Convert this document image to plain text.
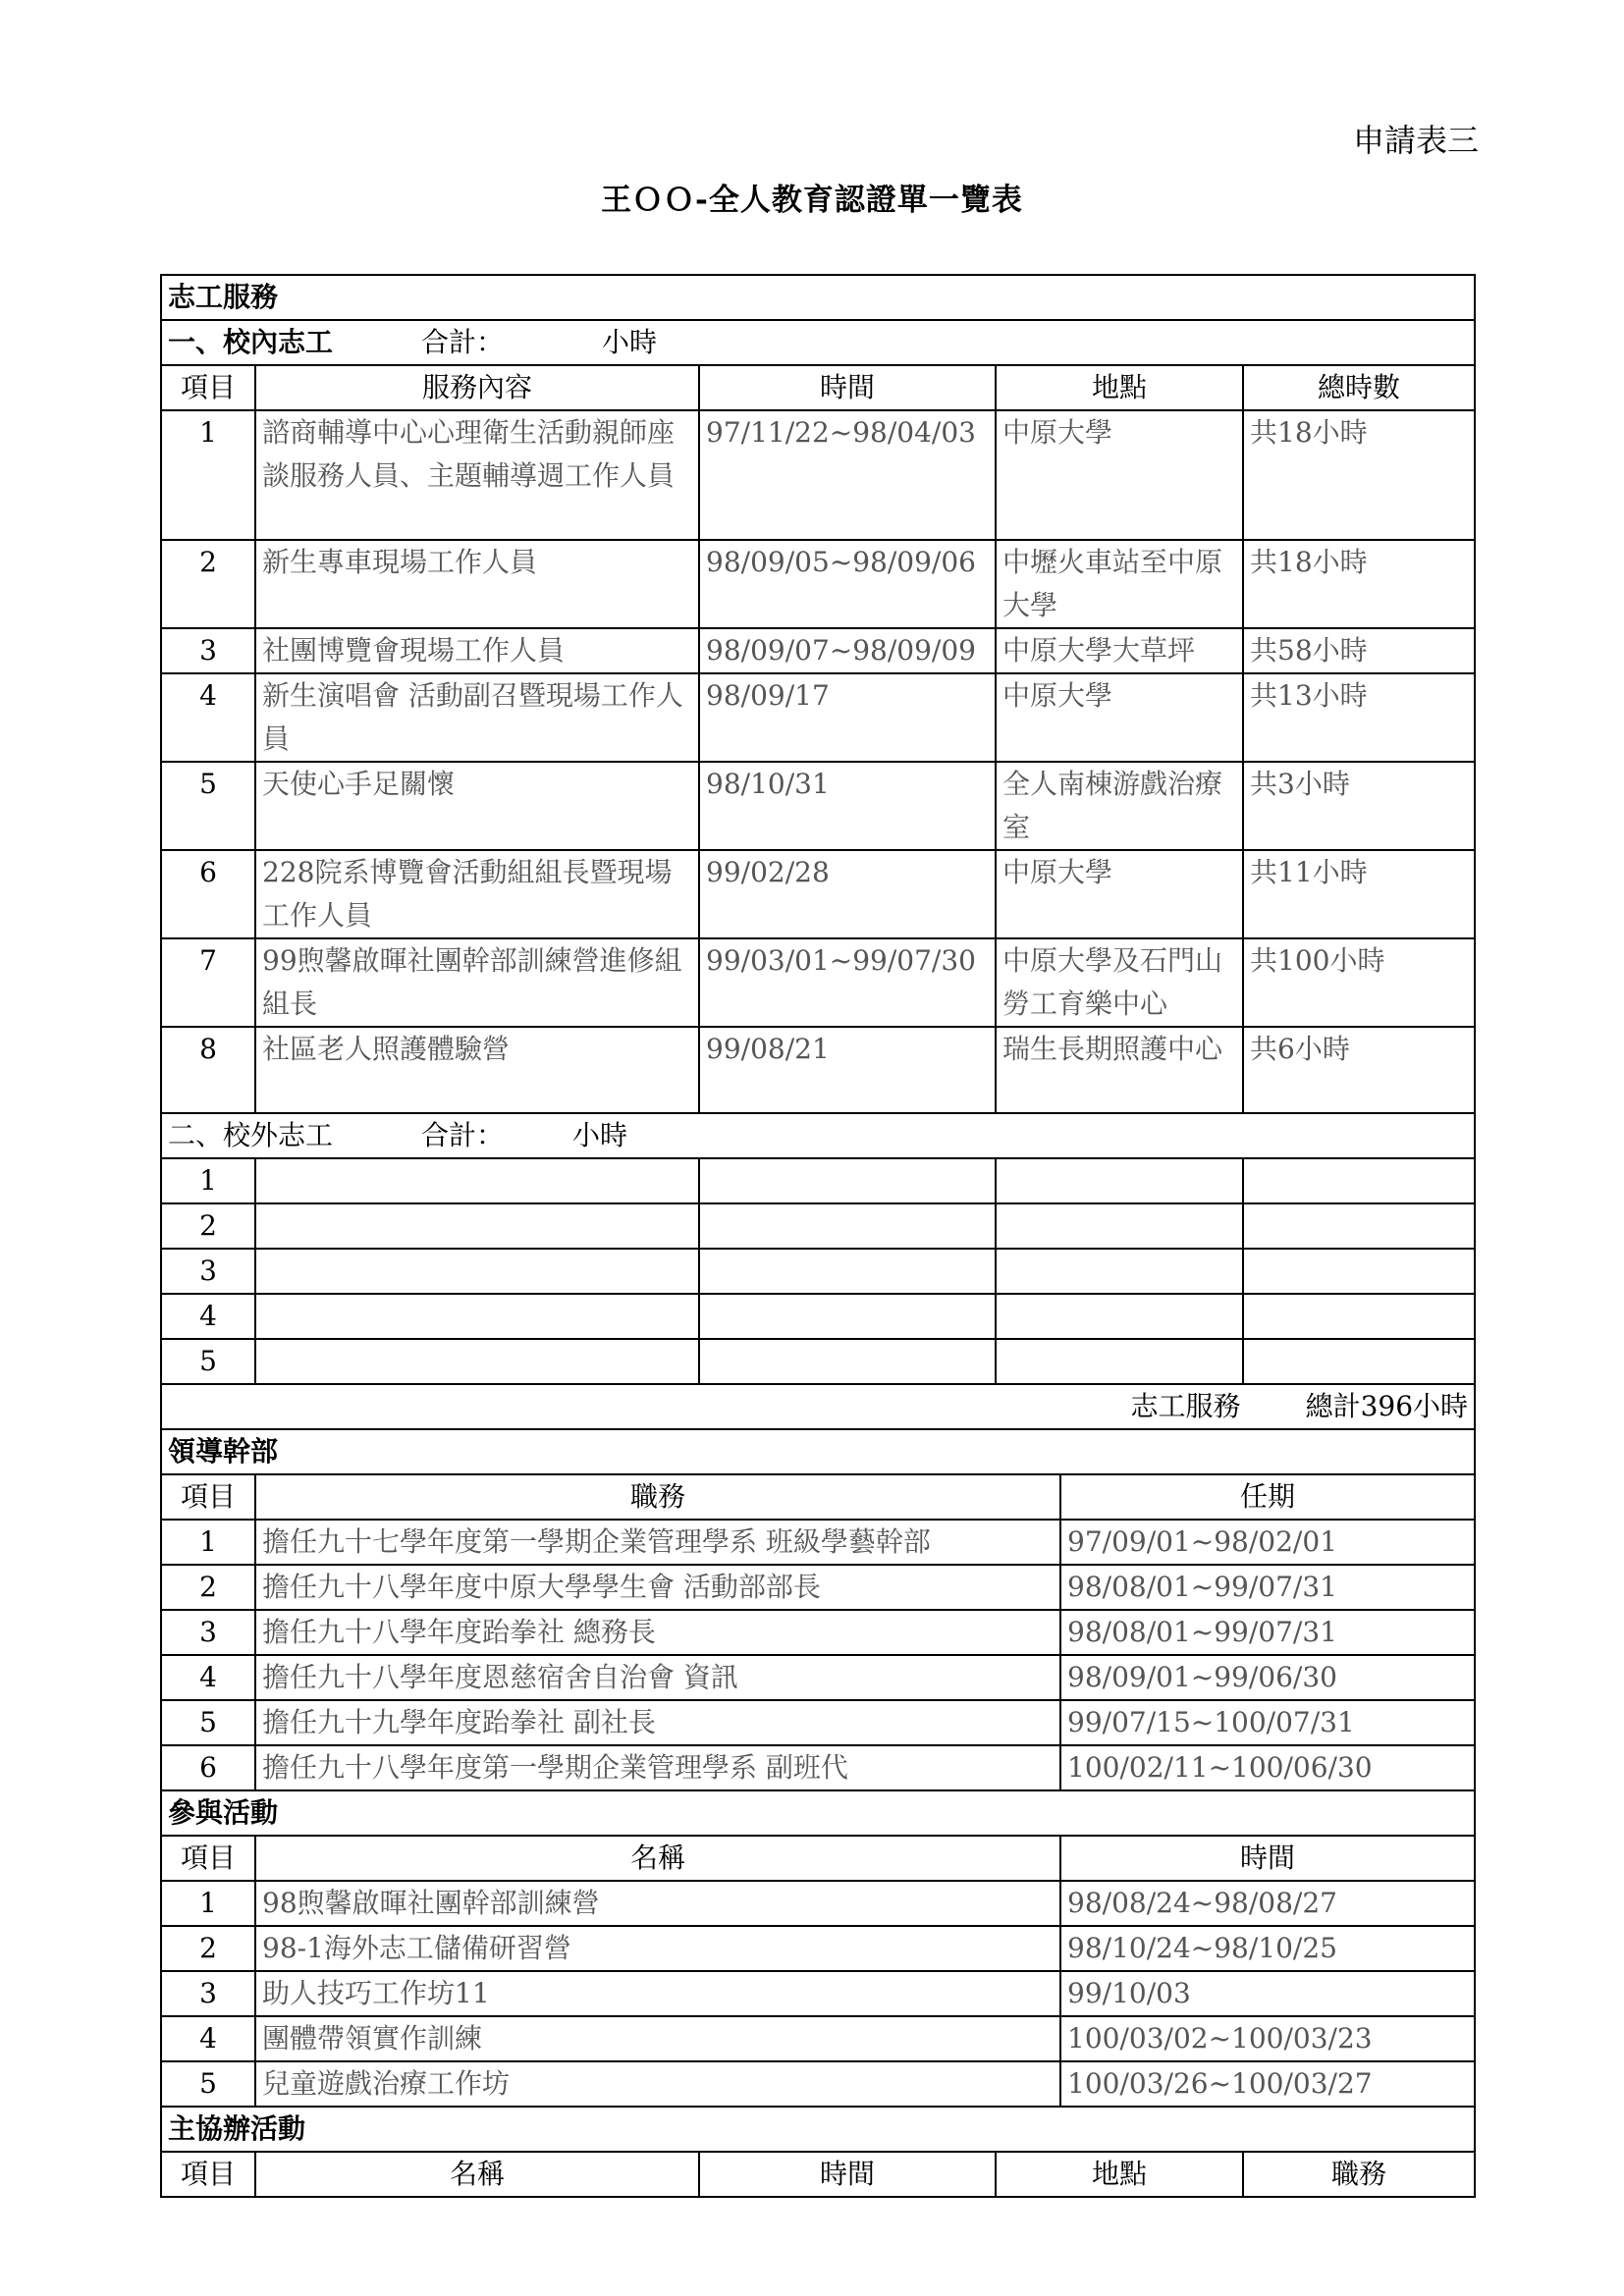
申請表三
王ＯＯ-全人教育認證單一覽表
志工服務					
一、校內志工 合計： 小時					
項目	服務內容	時間	地點		總時數
1	諮商輔導中心心理衛生活動親師座談服務人員、主題輔導週工作人員	97/11/22~98/04/03	中原大學		共18小時
2	新生專車現場工作人員	98/09/05~98/09/06	中壢火車站至中原大學		共18小時
3	社團博覽會現場工作人員	98/09/07~98/09/09	中原大學大草坪		共58小時
4	新生演唱會 活動副召暨現場工作人員	98/09/17	中原大學		共13小時
5	天使心手足關懷	98/10/31	全人南棟游戲治療室		共3小時
6	228院系博覽會活動組組長暨現場工作人員	99/02/28	中原大學		共11小時
7	99煦馨啟暉社團幹部訓練營進修組組長	99/03/01~99/07/30	中原大學及石門山勞工育樂中心		共100小時
8	社區老人照護體驗營	99/08/21	瑞生長期照護中心		共6小時
二、校外志工 合計： 小時					
1					
2					
3					
4					
5					
志工服務 總計396小時					
領導幹部					
項目	職務			任期	
1	擔任九十七學年度第一學期企業管理學系 班級學藝幹部			97/09/01~98/02/01	
2	擔任九十八學年度中原大學學生會 活動部部長			98/08/01~99/07/31	
3	擔任九十八學年度跆拳社 總務長			98/08/01~99/07/31	
4	擔任九十八學年度恩慈宿舍自治會 資訊			98/09/01~99/06/30	
5	擔任九十九學年度跆拳社 副社長			99/07/15~100/07/31	
6	擔任九十八學年度第一學期企業管理學系 副班代			100/02/11~100/06/30	
參與活動					
項目	名稱			時間	
1	98煦馨啟暉社團幹部訓練營			98/08/24~98/08/27	
2	98-1海外志工儲備研習營			98/10/24~98/10/25	
3	助人技巧工作坊11			99/10/03	
4	團體帶領實作訓練			100/03/02~100/03/23	
5	兒童遊戲治療工作坊			100/03/26~100/03/27	
主協辦活動					
項目	名稱	時間	地點		職務
